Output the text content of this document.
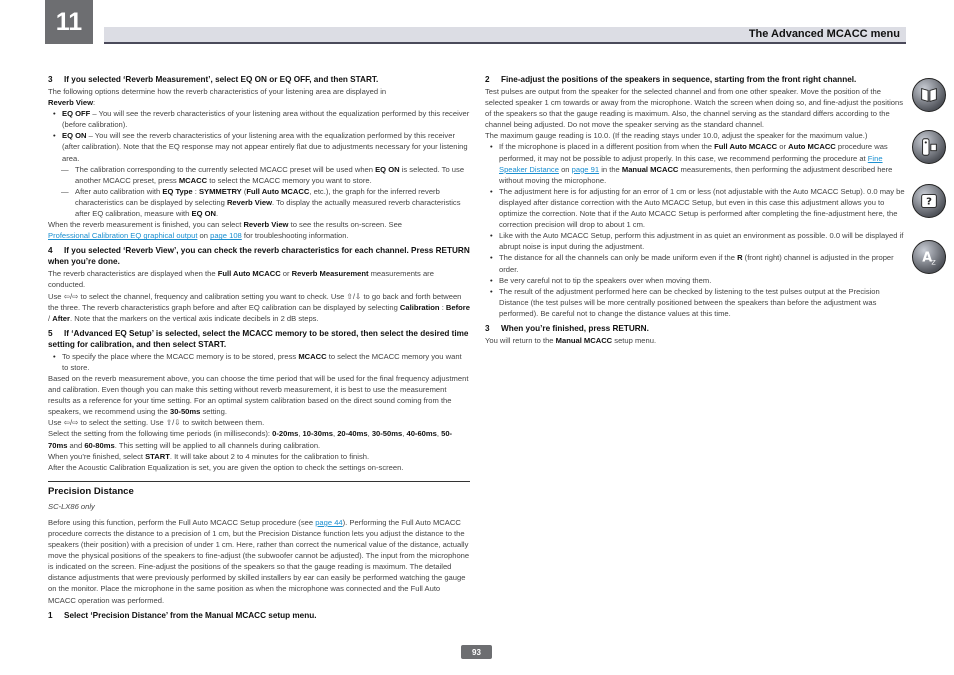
11	The Advanced MCACC menu
3 If you selected ‘Reverb Measurement’, select EQ ON or EQ OFF, and then START.

The following options determine how the reverb characteristics of your listening area are displayed in
Reverb View:

• EQ OFF – You will see the reverb characteristics of your listening area without the equalization performed by this receiver (before calibration).

• EQ ON – You will see the reverb characteristics of your listening area with the equalization performed by this receiver (after calibration). Note that the EQ response may not appear entirely flat due to adjustments necessary for your listening area.

— The calibration corresponding to the currently selected MCACC preset will be used when EQ ON is selected. To use another MCACC preset, press MCACC to select the MCACC memory you want to store.

— After auto calibration with EQ Type : SYMMETRY (Full Auto MCACC, etc.), the graph for the inferred reverb characteristics can be displayed by selecting Reverb View. To display the actually measured reverb characteristics after EQ calibration, measure with EQ ON.

When the reverb measurement is finished, you can select Reverb View to see the results on-screen. See
Professional Calibration EQ graphical output on page 108 for troubleshooting information.

4 If you selected ‘Reverb View’, you can check the reverb characteristics for each channel. Press RETURN when you’re done.

The reverb characteristics are displayed when the Full Auto MCACC or Reverb Measurement measurements are conducted.

Use ⇦/⇨ to select the channel, frequency and calibration setting you want to check. Use ⇧/⇩ to go back and forth between the three. The reverb characteristics graph before and after EQ calibration can be displayed by selecting Calibration : Before / After. Note that the markers on the vertical axis indicate decibels in 2 dB steps.

5 If ‘Advanced EQ Setup’ is selected, select the MCACC memory to be stored, then select the desired time setting for calibration, and then select START.

• To specify the place where the MCACC memory is to be stored, press MCACC to select the MCACC memory you want to store.

Based on the reverb measurement above, you can choose the time period that will be used for the final frequency adjustment and calibration. Even though you can make this setting without reverb measurement, it is best to use the measurement results as a reference for your time setting. For an optimal system calibration based on the direct sound coming from the speakers, we recommend using the 30-50ms setting.

Use ⇦/⇨ to select the setting. Use ⇧/⇩ to switch between them.

Select the setting from the following time periods (in milliseconds): 0-20ms, 10-30ms, 20-40ms, 30-50ms, 40-60ms, 50-70ms and 60-80ms. This setting will be applied to all channels during calibration.

When you’re finished, select START. It will take about 2 to 4 minutes for the calibration to finish.

After the Acoustic Calibration Equalization is set, you are given the option to check the settings on-screen.

Precision Distance

SC-LX86 only

Before using this function, perform the Full Auto MCACC Setup procedure (see page 44). Performing the Full Auto MCACC procedure corrects the distance to a precision of 1 cm, but the Precision Distance function lets you adjust the distance to the speakers (their position) with a precision of under 1 cm. Here, rather than correct the numerical value of the distance, actually move the physical positions of the speakers to fine-adjust (the subwoofer cannot be adjusted). The input from the microphone is indicated on the screen. Fine-adjust the positions of the speakers so that the gauge reading is maximum. The detailed distance adjustments that were previously performed by skilled installers by ear can easily be performed watching the gauge on the monitor. Place the microphone in the same position as when the microphone was connected and the Full Auto MCACC operation was performed.

1 Select ‘Precision Distance’ from the Manual MCACC setup menu.
2 Fine-adjust the positions of the speakers in sequence, starting from the front right channel.

Test pulses are output from the speaker for the selected channel and from one other speaker. Move the position of the selected speaker 1 cm towards or away from the microphone. Watch the screen when doing so, and fine-adjust the positions of the speakers so that the gauge reading is maximum. Also, the channel serving as the standard differs according to the channel being adjusted. Do not move the speaker serving as the standard channel.

The maximum gauge reading is 10.0. (If the reading stays under 10.0, adjust the speaker for the maximum value.)

• If the microphone is placed in a different position from when the Full Auto MCACC or Auto MCACC procedure was performed, it may not be possible to adjust properly. In this case, we recommend performing the procedure at Fine Speaker Distance on page 91 in the Manual MCACC measurements, then performing the adjustment described here without moving the microphone.

• The adjustment here is for adjusting for an error of 1 cm or less (not adjustable with the Auto MCACC Setup). 0.0 may be displayed after distance correction with the Auto MCACC Setup, but even in this case this adjustment allows you to optimize the correction. Note that if the Auto MCACC Setup is performed after completing the fine-adjustment here, the correction precision will drop to about 1 cm.

• Like with the Auto MCACC Setup, perform this adjustment in as quiet an environment as possible. 0.0 will be displayed if abrupt noise is input during the adjustment.

• The distance for all the channels can only be made uniform even if the R (front right) channel is adjusted in the proper order.

• Be very careful not to tip the speakers over when moving them.

• The result of the adjustment performed here can be checked by listening to the test pulses output at the Precision Distance (the test pulses will be more centrally positioned between the speakers than before the adjustment was performed). Be careful not to change the distance values at this time.

3 When you’re finished, press RETURN.

You will return to the Manual MCACC setup menu.

?
A Z
93
